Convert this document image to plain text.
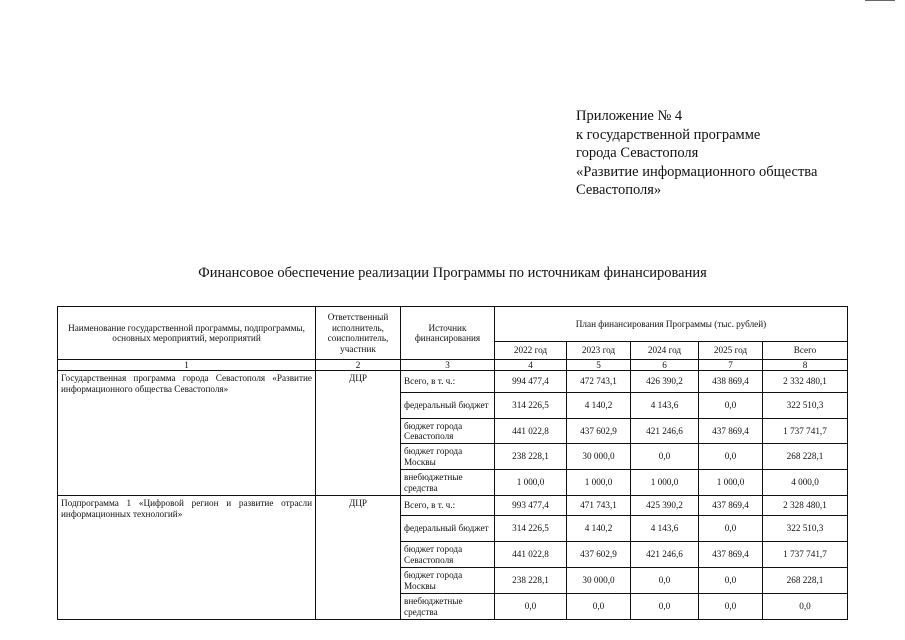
Приложение № 4
к государственной программе
города Севастополя
«Развитие информационного общества
Севастополя»
Финансовое обеспечение реализации Программы по источникам финансирования
Наименование государственной программы, подпрограммы, основных мероприятий, мероприятий	Ответственный исполнитель, соисполнитель, участник	Источник финансирования	План финансирования Программы (тыс. рублей)				
			2022 год	2023 год	2024 год	2025 год	Всего
1	2	3	4	5	6	7	8
Государственная программа города Севастополя «Развитие информационного общества Севастополя»	ДЦР	Всего, в т. ч.:	994 477,4	472 743,1	426 390,2	438 869,4	2 332 480,1
		федеральный бюджет	314 226,5	4 140,2	4 143,6	0,0	322 510,3
		бюджет города Севастополя	441 022,8	437 602,9	421 246,6	437 869,4	1 737 741,7
		бюджет города Москвы	238 228,1	30 000,0	0,0	0,0	268 228,1
		внебюджетные средства	1 000,0	1 000,0	1 000,0	1 000,0	4 000,0
Подпрограмма 1 «Цифровой регион и развитие отрасли информационных технологий»	ДЦР	Всего, в т. ч.:	993 477,4	471 743,1	425 390,2	437 869,4	2 328 480,1
		федеральный бюджет	314 226,5	4 140,2	4 143,6	0,0	322 510,3
		бюджет города Севастополя	441 022,8	437 602,9	421 246,6	437 869,4	1 737 741,7
		бюджет города Москвы	238 228,1	30 000,0	0,0	0,0	268 228,1
		внебюджетные средства	0,0	0,0	0,0	0,0	0,0
